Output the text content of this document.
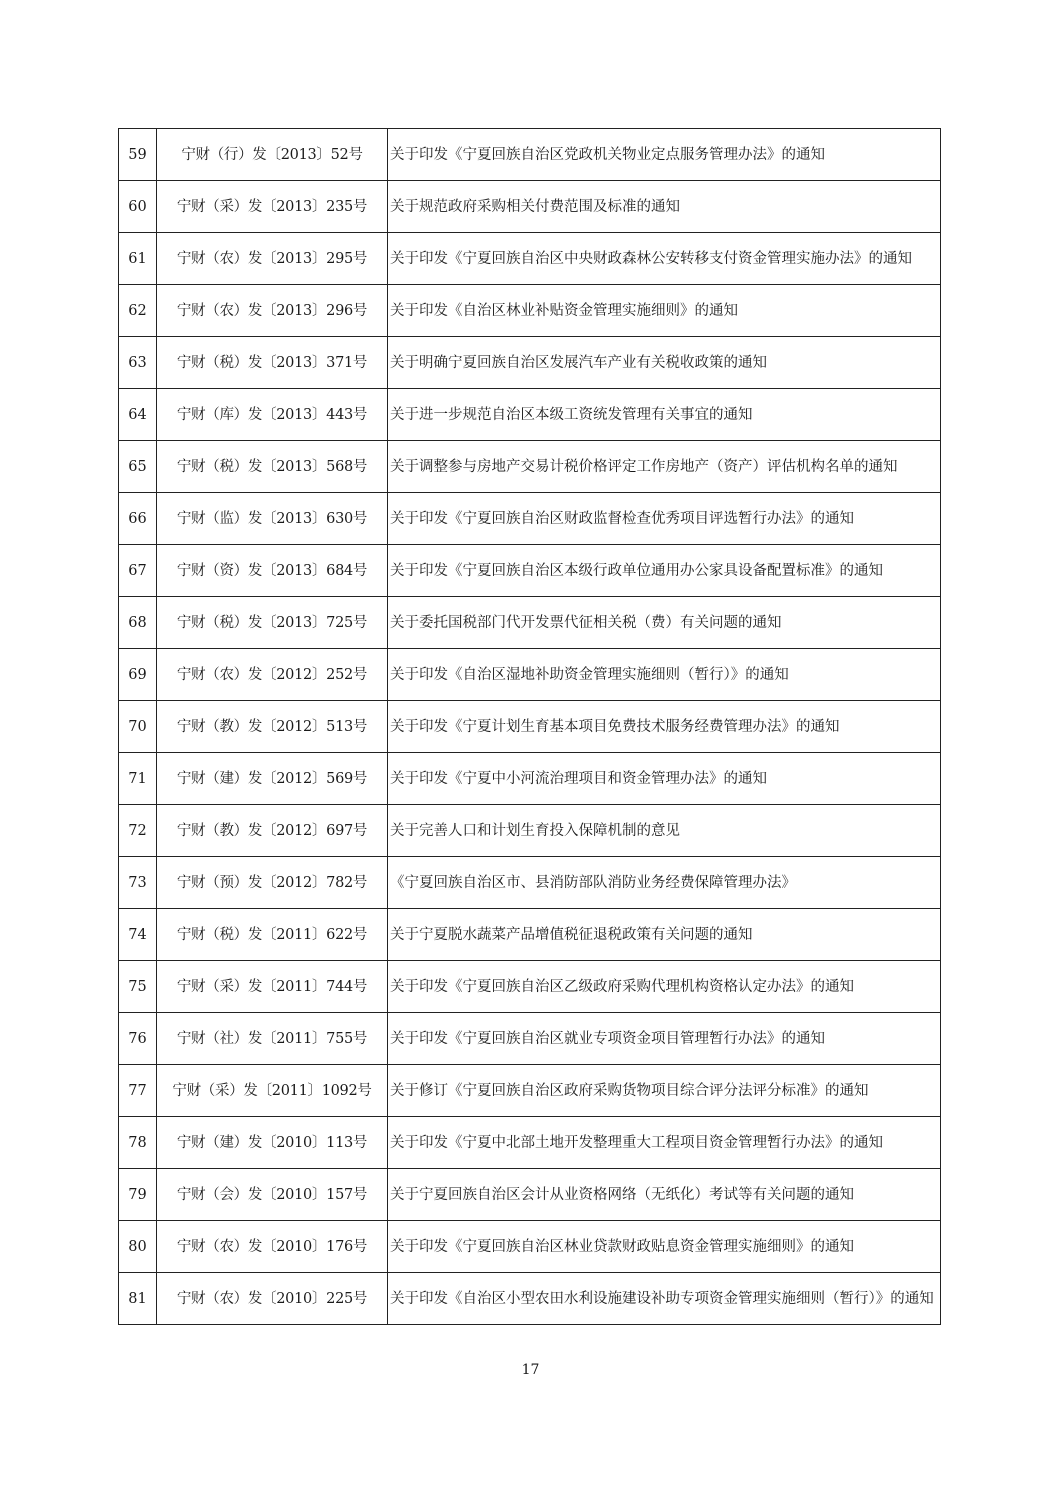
59	宁财（行）发〔2013〕52号	关于印发《宁夏回族自治区党政机关物业定点服务管理办法》的通知
60	宁财（采）发〔2013〕235号	关于规范政府采购相关付费范围及标准的通知
61	宁财（农）发〔2013〕295号	关于印发《宁夏回族自治区中央财政森林公安转移支付资金管理实施办法》的通知
62	宁财（农）发〔2013〕296号	关于印发《自治区林业补贴资金管理实施细则》的通知
63	宁财（税）发〔2013〕371号	关于明确宁夏回族自治区发展汽车产业有关税收政策的通知
64	宁财（库）发〔2013〕443号	关于进一步规范自治区本级工资统发管理有关事宜的通知
65	宁财（税）发〔2013〕568号	关于调整参与房地产交易计税价格评定工作房地产（资产）评估机构名单的通知
66	宁财（监）发〔2013〕630号	关于印发《宁夏回族自治区财政监督检查优秀项目评选暂行办法》的通知
67	宁财（资）发〔2013〕684号	关于印发《宁夏回族自治区本级行政单位通用办公家具设备配置标准》的通知
68	宁财（税）发〔2013〕725号	关于委托国税部门代开发票代征相关税（费）有关问题的通知
69	宁财（农）发〔2012〕252号	关于印发《自治区湿地补助资金管理实施细则（暂行）》的通知
70	宁财（教）发〔2012〕513号	关于印发《宁夏计划生育基本项目免费技术服务经费管理办法》的通知
71	宁财（建）发〔2012〕569号	关于印发《宁夏中小河流治理项目和资金管理办法》的通知
72	宁财（教）发〔2012〕697号	关于完善人口和计划生育投入保障机制的意见
73	宁财（预）发〔2012〕782号	《宁夏回族自治区市、县消防部队消防业务经费保障管理办法》
74	宁财（税）发〔2011〕622号	关于宁夏脱水蔬菜产品增值税征退税政策有关问题的通知
75	宁财（采）发〔2011〕744号	关于印发《宁夏回族自治区乙级政府采购代理机构资格认定办法》的通知
76	宁财（社）发〔2011〕755号	关于印发《宁夏回族自治区就业专项资金项目管理暂行办法》的通知
77	宁财（采）发〔2011〕1092号	关于修订《宁夏回族自治区政府采购货物项目综合评分法评分标准》的通知
78	宁财（建）发〔2010〕113号	关于印发《宁夏中北部土地开发整理重大工程项目资金管理暂行办法》的通知
79	宁财（会）发〔2010〕157号	关于宁夏回族自治区会计从业资格网络（无纸化）考试等有关问题的通知
80	宁财（农）发〔2010〕176号	关于印发《宁夏回族自治区林业贷款财政贴息资金管理实施细则》的通知
81	宁财（农）发〔2010〕225号	关于印发《自治区小型农田水利设施建设补助专项资金管理实施细则（暂行）》的通知
17
